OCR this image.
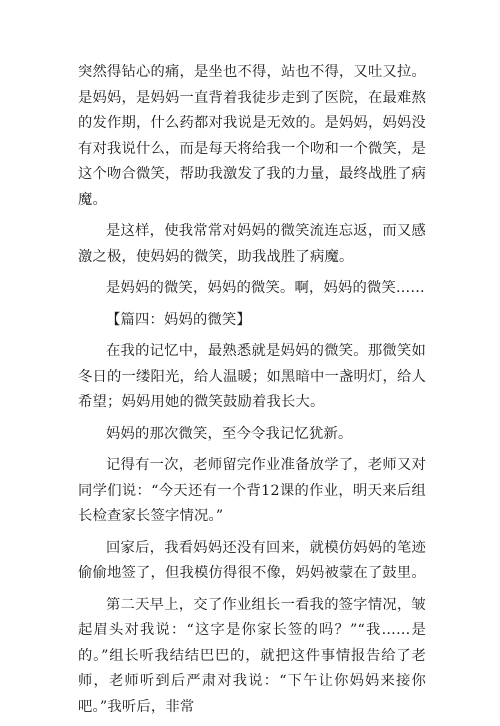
突然得钻心的痛，是坐也不得，站也不得，又吐又拉。是妈妈，是妈妈一直背着我徒步走到了医院，在最难熬的发作期，什么药都对我说是无效的。是妈妈，妈妈没有对我说什么，而是每天将给我一个吻和一个微笑，是这个吻合微笑，帮助我激发了我的力量，最终战胜了病魔。

是这样，使我常常对妈妈的微笑流连忘返，而又感激之极，使妈妈的微笑，助我战胜了病魔。

是妈妈的微笑，妈妈的微笑。啊，妈妈的微笑……

【篇四：妈妈的微笑】

在我的记忆中，最熟悉就是妈妈的微笑。那微笑如冬日的一缕阳光，给人温暖；如黑暗中一盏明灯，给人希望；妈妈用她的微笑鼓励着我长大。

妈妈的那次微笑，至今令我记忆犹新。

记得有一次，老师留完作业准备放学了，老师又对同学们说：“今天还有一个背12课的作业，明天来后组长检查家长签字情况。”

回家后，我看妈妈还没有回来，就模仿妈妈的笔迹偷偷地签了，但我模仿得很不像，妈妈被蒙在了鼓里。

第二天早上，交了作业组长一看我的签字情况，皱起眉头对我说：“这字是你家长签的吗？”“我……是的。”组长听我结结巴巴的，就把这件事情报告给了老师，老师听到后严肃对我说：“下午让你妈妈来接你吧。”我听后，非常
